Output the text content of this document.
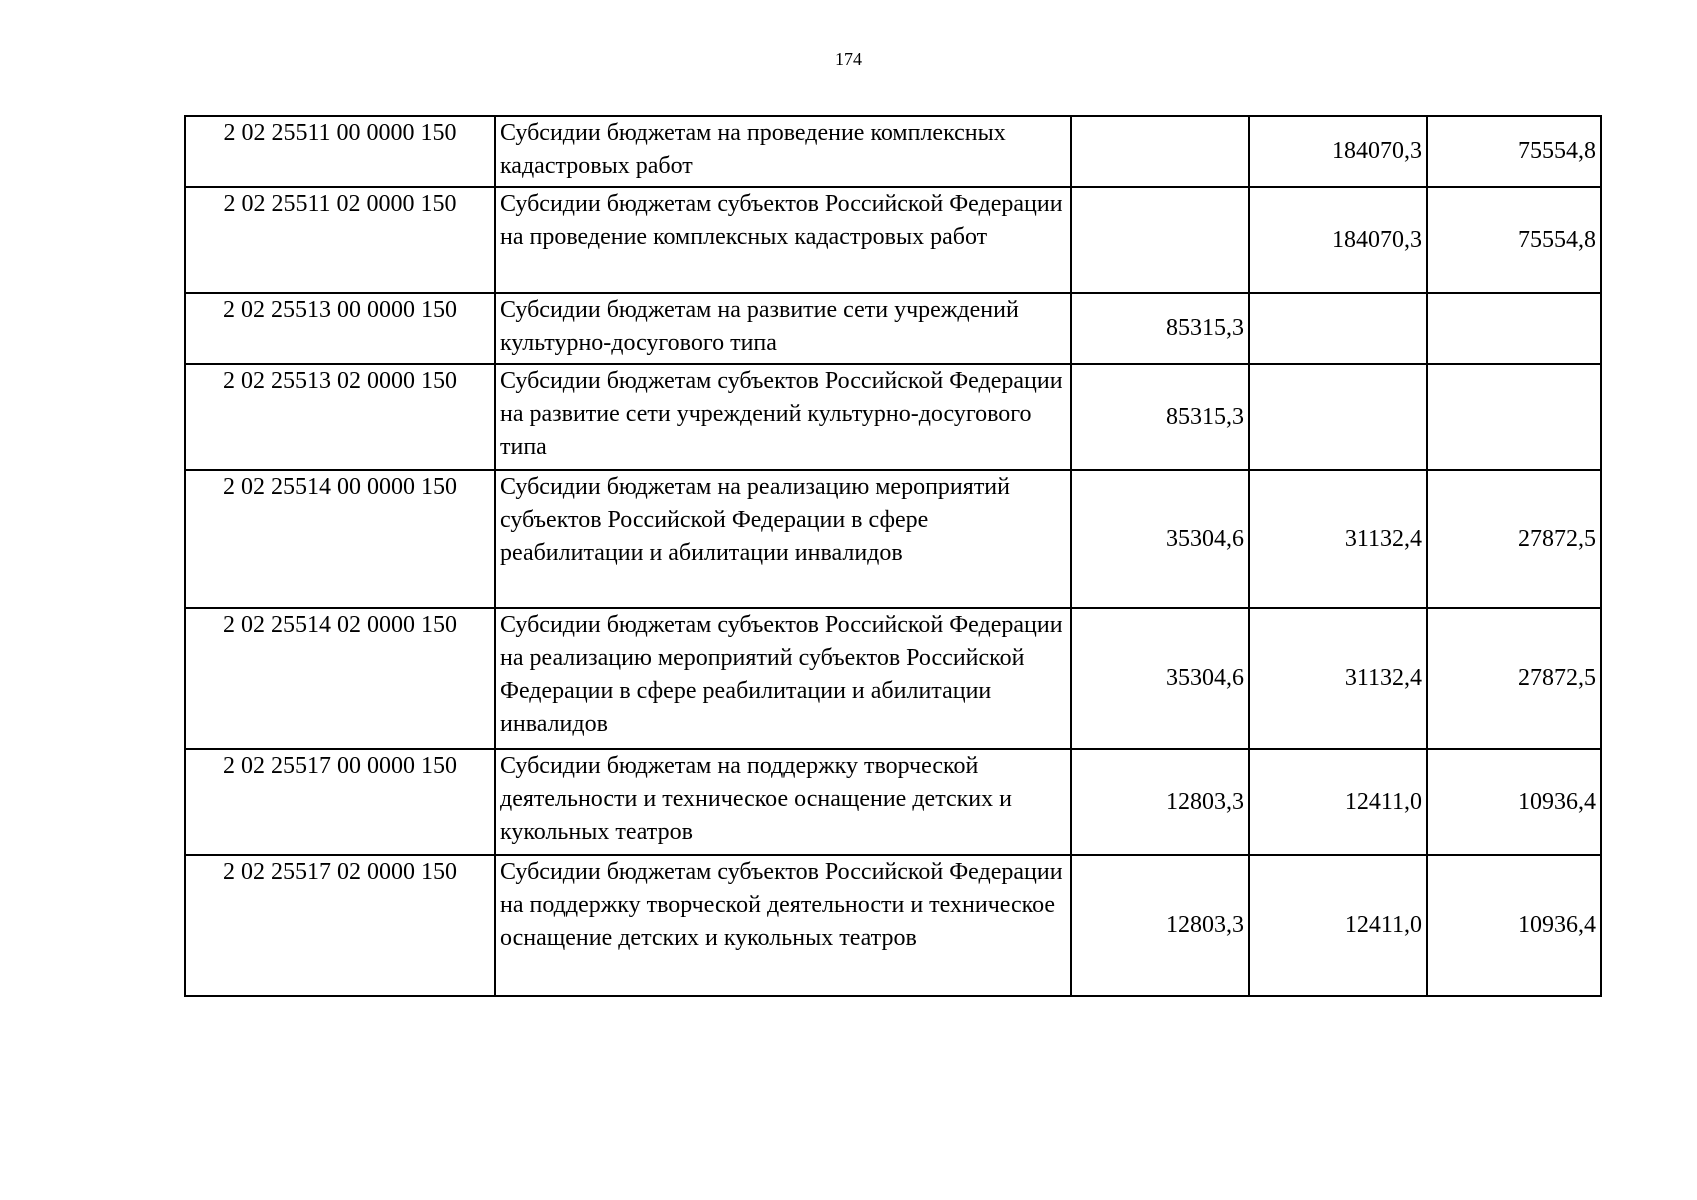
174
2 02 25511 00 0000 150	Субсидии бюджетам на проведение комплексных кадастровых работ		184070,3	75554,8
2 02 25511 02 0000 150	Субсидии бюджетам субъектов Российской Федерации на проведение комплексных кадастровых работ		184070,3	75554,8
2 02 25513 00 0000 150	Субсидии бюджетам на развитие сети учреждений культурно-досугового типа	85315,3		
2 02 25513 02 0000 150	Субсидии бюджетам субъектов Российской Федерации на развитие сети учреждений культурно-досугового типа	85315,3		
2 02 25514 00 0000 150	Субсидии бюджетам на реализацию мероприятий субъектов Российской Федерации в сфере реабилитации и абилитации инвалидов	35304,6	31132,4	27872,5
2 02 25514 02 0000 150	Субсидии бюджетам субъектов Российской Федерации на реализацию мероприятий субъектов Российской Федерации в сфере реабилитации и абилитации инвалидов	35304,6	31132,4	27872,5
2 02 25517 00 0000 150	Субсидии бюджетам на поддержку творческой деятельности и техническое оснащение детских и кукольных театров	12803,3	12411,0	10936,4
2 02 25517 02 0000 150	Субсидии бюджетам субъектов Российской Федерации на поддержку творческой деятельности и техническое оснащение детских и кукольных театров	12803,3	12411,0	10936,4
